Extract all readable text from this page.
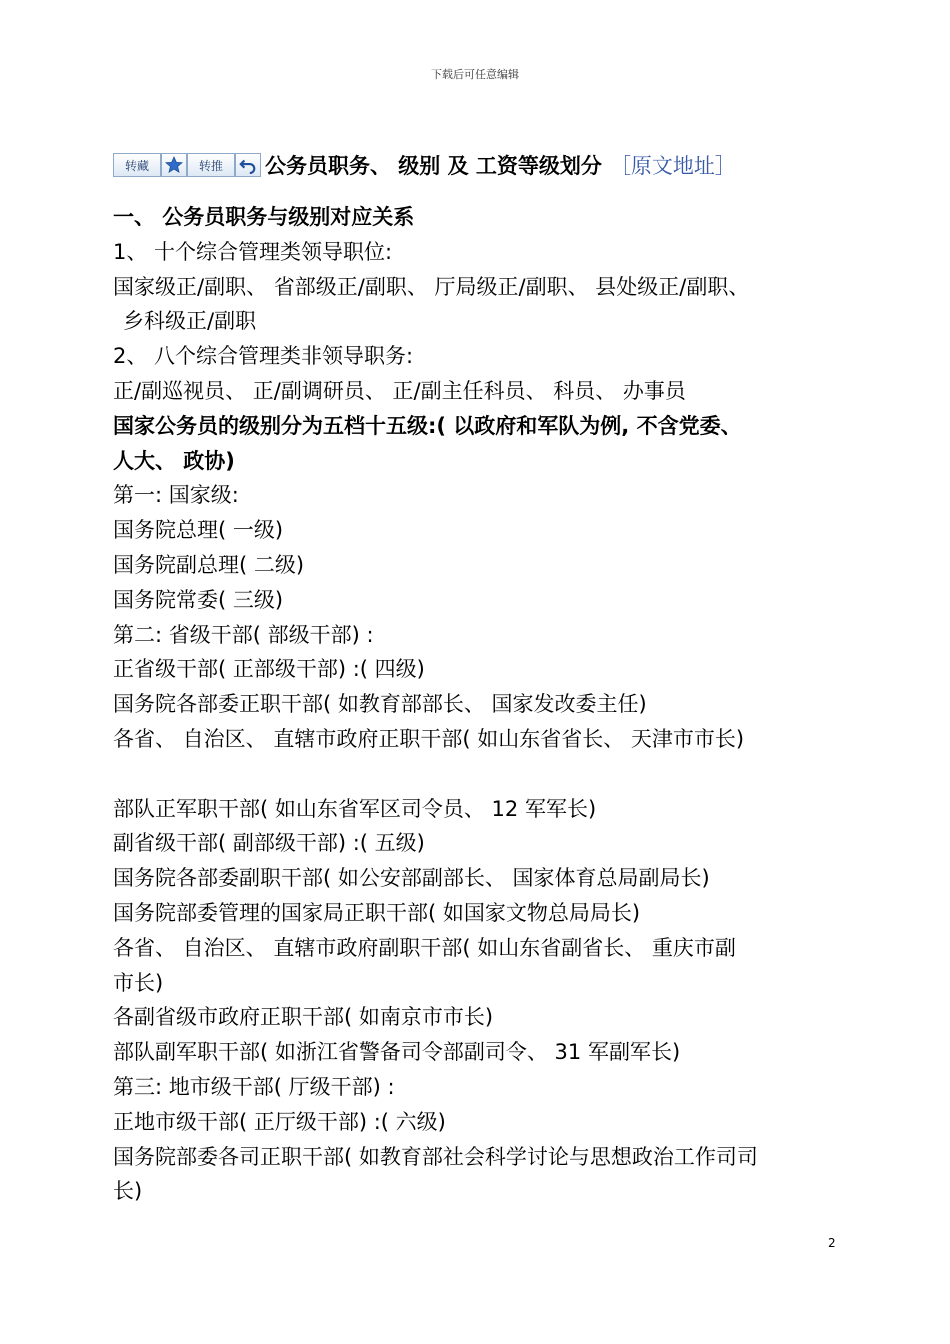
下载后可任意编辑
转藏	转推	公务员职务、 级别 及 工资等级划分 ［原文地址］
一、 公务员职务与级别对应关系
1、 十个综合管理类领导职位:
国家级正/副职、 省部级正/副职、 厅局级正/副职、 县处级正/副职、
乡科级正/副职
2、 八个综合管理类非领导职务:
正/副巡视员、 正/副调研员、 正/副主任科员、 科员、 办事员
国家公务员的级别分为五档十五级:( 以政府和军队为例, 不含党委、
人大、 政协)
第一: 国家级:
国务院总理( 一级)
国务院副总理( 二级)
国务院常委( 三级)
第二: 省级干部( 部级干部) :
正省级干部( 正部级干部) :( 四级)
国务院各部委正职干部( 如教育部部长、 国家发改委主任)
各省、 自治区、 直辖市政府正职干部( 如山东省省长、 天津市市长)
部队正军职干部( 如山东省军区司令员、 12 军军长)
副省级干部( 副部级干部) :( 五级)
国务院各部委副职干部( 如公安部副部长、 国家体育总局副局长)
国务院部委管理的国家局正职干部( 如国家文物总局局长)
各省、 自治区、 直辖市政府副职干部( 如山东省副省长、 重庆市副
市长)
各副省级市政府正职干部( 如南京市市长)
部队副军职干部( 如浙江省警备司令部副司令、 31 军副军长)
第三: 地市级干部( 厅级干部) :
正地市级干部( 正厅级干部) :( 六级)
国务院部委各司正职干部( 如教育部社会科学讨论与思想政治工作司司
长)
2
